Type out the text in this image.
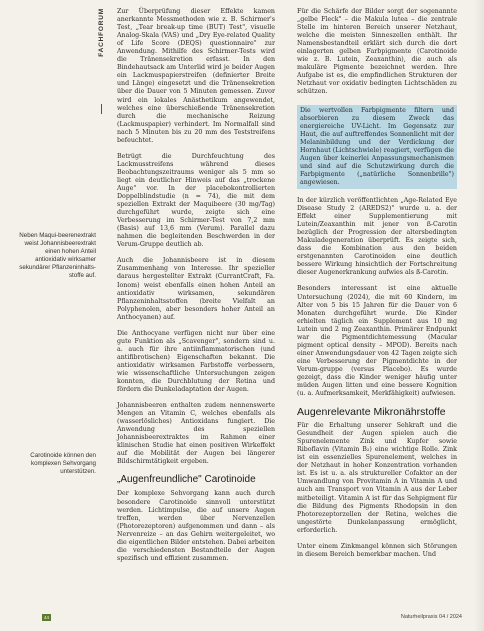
Neben Maqui-beerenextrakt weist Johannisbeerextrakt einen hohen Anteil antioxidativ wirksamer sekundärer Pflanzeninhalts-stoffe auf.
Carotinoide können den komplexen Sehvorgang unterstützen.
FACHFORUM Zur Überprüfung dieser Effekte kamen anerkannte Messmethoden wie z. B. Schirmer's Test, „Tear break-up time (BUT) Test", visuelle Analog-Skala (VAS) und „Dry Eye-related Quality of Life Score (DEQS) questionnaire" zur Anwendung. Mithilfe des Schirmer-Tests wird die Tränensekretion erfasst. In den Bindehautsack am Unterlid wird je beider Augen ein Lackmuspapierstreifen (definierter Breite und Länge) eingesetzt und die Tränensekretion über die Dauer von 5 Minuten gemessen. Zuvor wird ein lokales Anästhetikum angewendet, welches eine überschießende Tränensekretion durch die mechanische Reizung (Lackmuspapier) verhindert. Im Normalfall sind nach 5 Minuten bis zu 20 mm des Teststreifens befeuchtet.

Betrügt die Durchfeuchtung des Lackmusstreifens während dieses Beobachtungszeitraums weniger als 5 mm so liegt ein deutlicher Hinweis auf das „trockene Auge" vor. In der placebokontrollierten Doppelblindstudie (n = 74), die mit dem speziellen Extrakt der Maquibeere (30 mg/Tag) durchgeführt wurde, zeigte sich eine Verbesserung im Schirmer-Test von 7,2 mm (Basis) auf 13,6 mm (Verum). Parallel dazu nahmen die begleitenden Beschwerden in der Verum-Gruppe deutlich ab.

Auch die Johannisbeere ist in diesem Zusammenhang von Interesse. Ihr spezieller daraus hergestellter Extrakt (CurrantCraft, Fa. Ionom) weist ebenfalls einen hohen Anteil an antioxidativ wirksamen, sekundären Pflanzeninhaltsstoffen (breite Vielfalt an Polyphenolen, aber besonders hoher Anteil an Anthocyanen) auf.

Die Anthocyane verfügen nicht nur über eine gute Funktion als „Scavenger", sondern sind u. a. auch für ihre antiinflammatorischen (und antifibrotischen) Eigenschaften bekannt. Die antioxidativ wirksamen Farbstoffe verbessern, wie wissenschaftliche Untersuchungen zeigen konnten, die Durchblutung der Retina und fördern die Dunkeladaptation der Augen.

Johannisbeeren enthalten zudem nennenswerte Mengen an Vitamin C, welches ebenfalls als (wasserlösliches) Antioxidans fungiert. Die Anwendung des speziellen Johannisbeerextraktes im Rahmen einer klinischen Studie hat einen positiven Wirkeffekt auf die Mobilität der Augen bei längerer Bildschirmtätigkeit ergeben.

„Augenfreundliche" Carotinoide

Der komplexe Sehvorgang kann auch durch besondere Carotinoide sinnvoll unterstützt werden. Lichtimpulse, die auf unsere Augen treffen, werden über Nervenzellen (Photorezeptoren) aufgenommen und dann – als Nervenreize – an das Gehirn weitergeleitet, wo die eigentlichen Bilder entstehen. Dabei arbeiten die verschiedensten Bestandteile der Augen spezifisch und effizient zusammen.

Für die Schärfe der Bilder sorgt der sogenannte „gelbe Fleck" – die Makula lutea – die zentrale Stelle im hinteren Bereich unserer Netzhaut, welche die meisten Sinneszellen enthält. Ihr Namensbestandteil erklärt sich durch die dort einlagerten gelben Farbpigmente (Carotinoide wie z. B. Lutein, Zeaxanthin), die auch als makuläre Pigmente bezeichnet werden. Ihre Aufgabe ist es, die empfindlichen Strukturen der Netzhaut vor oxidativ bedingten Lichtschäden zu schützen.

Die wertvollen Farbpigmente filtern und absorbieren zu diesem Zweck das energiereiche UV-Licht. Im Gegensatz zur Haut, die auf auftreffendes Sonnenlicht mit der Melaninbildung und der Verdickung der Hornhaut (Lichtschwiele) reagiert, verfügen die Augen über keinerlei Anpassungsmechanismen und sind auf die Schutzwirkung durch die Farbpigmente („natürliche Sonnenbrille") angewiesen.

In der kürzlich veröffentlichten „Age-Related Eye Disease Study 2 (AREDS2)" wurde u. a. der Effekt einer Supplementierung mit Lutein/Zeaxanthin mit jener von ß-Carotin bezüglich der Progression der altersbedingten Makuladegeneration überprüft. Es zeigte sich, dass die Kombination aus den beiden erstgenannten Carotinoiden eine deutlich bessere Wirkung hinsichtlich der Fortschreitung dieser Augenerkrankung aufwies als ß-Carotin.

Besonders interessant ist eine aktuelle Untersuchung (2024), die mit 60 Kindern, im Alter von 5 bis 15 Jahren für die Dauer von 6 Monaten durchgeführt wurde. Die Kinder erhielten täglich ein Supplement aus 10 mg Lutein und 2 mg Zeaxanthin. Primärer Endpunkt war die Pigmentdichtemessung (Macular pigment optical density – MPOD). Bereits nach einer Anwendungsdauer von 42 Tagen zeigte sich eine Verbesserung der Pigmentdichte in der Verum-gruppe (versus Placebo). Es wurde gezeigt, dass die Kinder weniger häufig unter müden Augen litten und eine bessere Kognition (u. a. Aufmerksamkeit, Merkfähigkeit) aufwiesen.

Augenrelevante Mikronährstoffe

Für die Erhaltung unserer Sehkraft und die Gesundheit der Augen spielen auch die Spurenelemente Zink und Kupfer sowie Riboflavin (Vitamin B₂) eine wichtige Rolle. Zink ist ein essenzielles Spurenelement, welches in der Netzhaut in hoher Konzentration vorhanden ist. Es ist u. a. als struktureller Cofaktor an der Umwandlung von Provitamin A in Vitamin A und auch am Transport von Vitamin A aus der Leber mitbeteiligt. Vitamin A ist für das Sehpigment für die Bildung des Pigments Rhodopsin in den Photorezeptorzellen der Retina, welches die ungestörte Dunkelanpassung ermöglicht, erforderlich.

Unter einem Zinkmangel können sich Störungen in diesem Bereich bemerkbar machen. Und

44	Naturheilpraxis 04 / 2024
